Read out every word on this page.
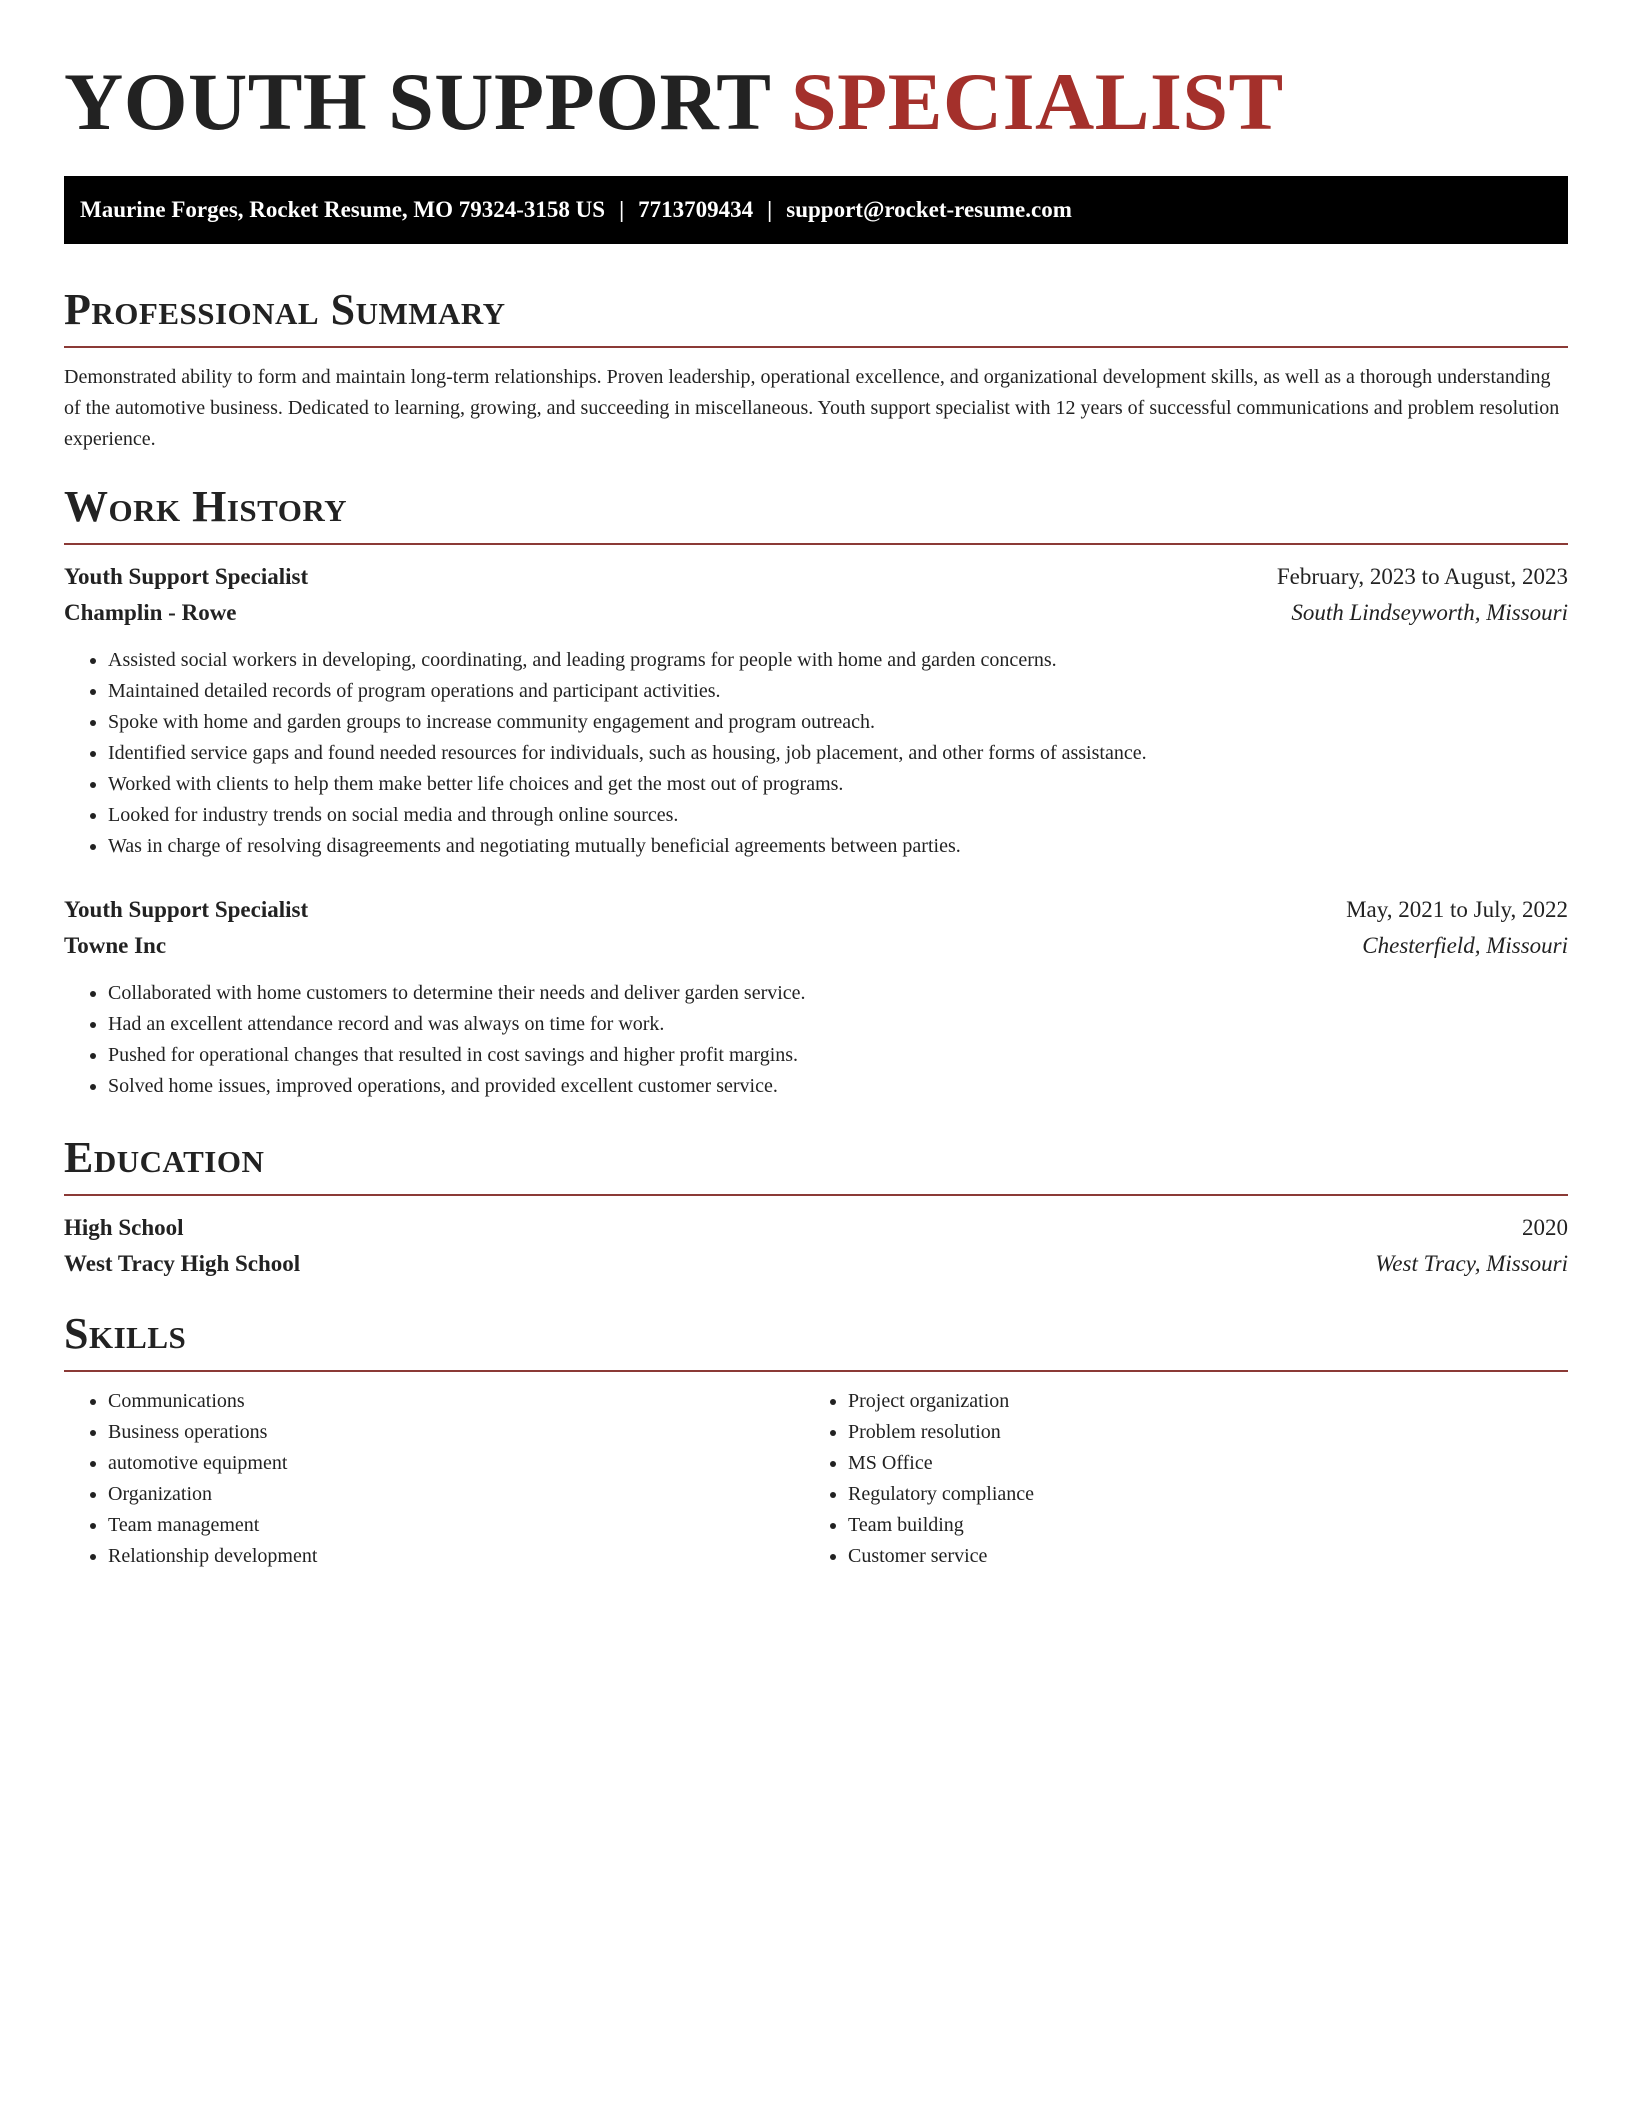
YOUTH SUPPORT SPECIALIST
Maurine Forges, Rocket Resume, MO 79324-3158 US | 7713709434 | support@rocket-resume.com
Professional Summary

Demonstrated ability to form and maintain long-term relationships. Proven leadership, operational excellence, and organizational development skills, as well as a thorough understanding of the automotive business. Dedicated to learning, growing, and succeeding in miscellaneous. Youth support specialist with 12 years of successful communications and problem resolution experience.

Work History
Youth Support Specialist	February, 2023 to August, 2023
Champlin - Rowe	South Lindseyworth, Missouri
• Assisted social workers in developing, coordinating, and leading programs for people with home and garden concerns.
• Maintained detailed records of program operations and participant activities.
• Spoke with home and garden groups to increase community engagement and program outreach.
• Identified service gaps and found needed resources for individuals, such as housing, job placement, and other forms of assistance.
• Worked with clients to help them make better life choices and get the most out of programs.
• Looked for industry trends on social media and through online sources.
• Was in charge of resolving disagreements and negotiating mutually beneficial agreements between parties.
Youth Support Specialist	May, 2021 to July, 2022
Towne Inc	Chesterfield, Missouri
• Collaborated with home customers to determine their needs and deliver garden service.
• Had an excellent attendance record and was always on time for work.
• Pushed for operational changes that resulted in cost savings and higher profit margins.
• Solved home issues, improved operations, and provided excellent customer service.
Education
High School	2020
West Tracy High School	West Tracy, Missouri
Skills
• Communications
• Business operations
• automotive equipment
• Organization
• Team management
• Relationship development
• Project organization
• Problem resolution
• MS Office
• Regulatory compliance
• Team building
• Customer service
